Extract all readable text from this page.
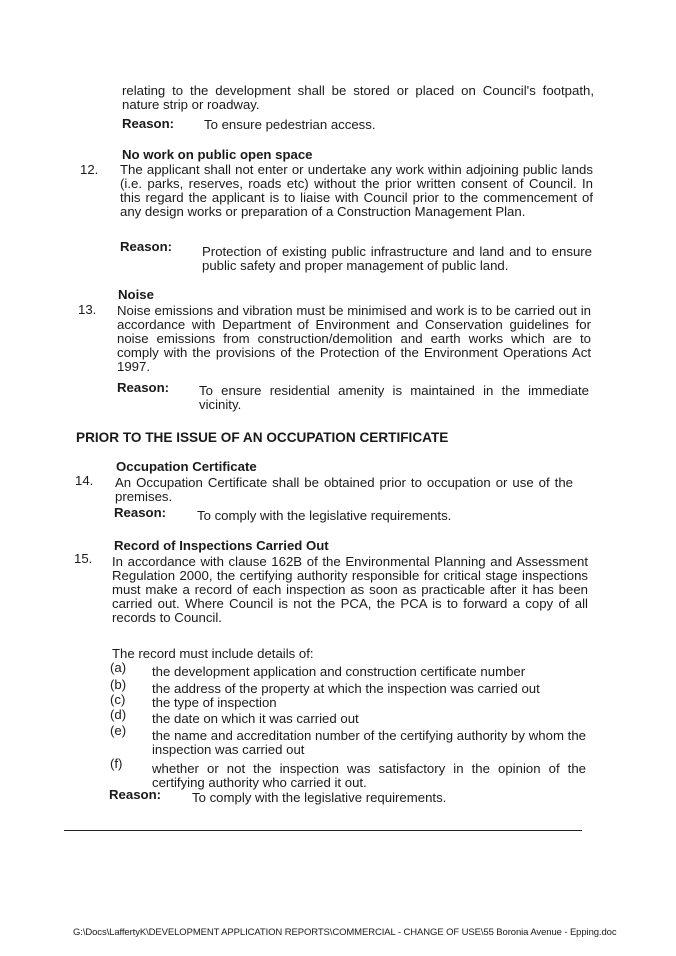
relating to the development shall be stored or placed on Council's footpath, nature strip or roadway.
Reason: To ensure pedestrian access.
No work on public open space
12. The applicant shall not enter or undertake any work within adjoining public lands (i.e. parks, reserves, roads etc) without the prior written consent of Council. In this regard the applicant is to liaise with Council prior to the commencement of any design works or preparation of a Construction Management Plan.
Reason: Protection of existing public infrastructure and land and to ensure public safety and proper management of public land.
Noise
13. Noise emissions and vibration must be minimised and work is to be carried out in accordance with Department of Environment and Conservation guidelines for noise emissions from construction/demolition and earth works which are to comply with the provisions of the Protection of the Environment Operations Act 1997.
Reason: To ensure residential amenity is maintained in the immediate vicinity.
PRIOR TO THE ISSUE OF AN OCCUPATION CERTIFICATE
Occupation Certificate
14. An Occupation Certificate shall be obtained prior to occupation or use of the premises.
Reason: To comply with the legislative requirements.
Record of Inspections Carried Out
15. In accordance with clause 162B of the Environmental Planning and Assessment Regulation 2000, the certifying authority responsible for critical stage inspections must make a record of each inspection as soon as practicable after it has been carried out. Where Council is not the PCA, the PCA is to forward a copy of all records to Council.
The record must include details of:
(a) the development application and construction certificate number
(b) the address of the property at which the inspection was carried out
(c) the type of inspection
(d) the date on which it was carried out
(e) the name and accreditation number of the certifying authority by whom the inspection was carried out
(f) whether or not the inspection was satisfactory in the opinion of the certifying authority who carried it out.
Reason: To comply with the legislative requirements.
G:\Docs\LaffertyK\DEVELOPMENT APPLICATION REPORTS\COMMERCIAL - CHANGE OF USE\55 Boronia Avenue - Epping.doc
